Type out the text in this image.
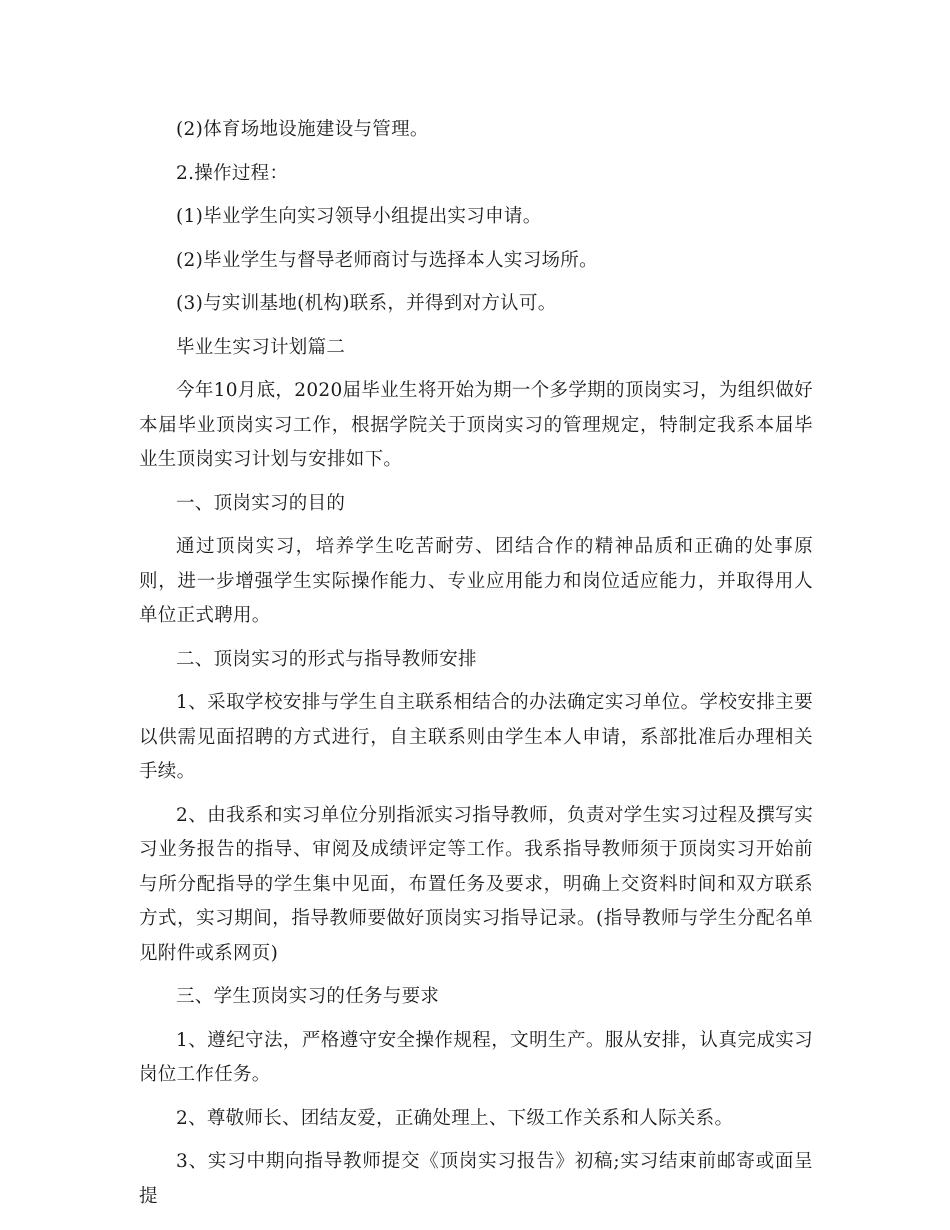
(2)体育场地设施建设与管理。

2.操作过程：

(1)毕业学生向实习领导小组提出实习申请。

(2)毕业学生与督导老师商讨与选择本人实习场所。

(3)与实训基地(机构)联系，并得到对方认可。

毕业生实习计划篇二

今年10月底，2020届毕业生将开始为期一个多学期的顶岗实习，为组织做好本届毕业顶岗实习工作，根据学院关于顶岗实习的管理规定，特制定我系本届毕业生顶岗实习计划与安排如下。

一、顶岗实习的目的

通过顶岗实习，培养学生吃苦耐劳、团结合作的精神品质和正确的处事原则，进一步增强学生实际操作能力、专业应用能力和岗位适应能力，并取得用人单位正式聘用。

二、顶岗实习的形式与指导教师安排

1、采取学校安排与学生自主联系相结合的办法确定实习单位。学校安排主要以供需见面招聘的方式进行，自主联系则由学生本人申请，系部批准后办理相关手续。

2、由我系和实习单位分别指派实习指导教师，负责对学生实习过程及撰写实习业务报告的指导、审阅及成绩评定等工作。我系指导教师须于顶岗实习开始前与所分配指导的学生集中见面，布置任务及要求，明确上交资料时间和双方联系方式，实习期间，指导教师要做好顶岗实习指导记录。(指导教师与学生分配名单见附件或系网页)

三、学生顶岗实习的任务与要求

1、遵纪守法，严格遵守安全操作规程，文明生产。服从安排，认真完成实习岗位工作任务。

2、尊敬师长、团结友爱，正确处理上、下级工作关系和人际关系。

3、实习中期向指导教师提交《顶岗实习报告》初稿;实习结束前邮寄或面呈提
